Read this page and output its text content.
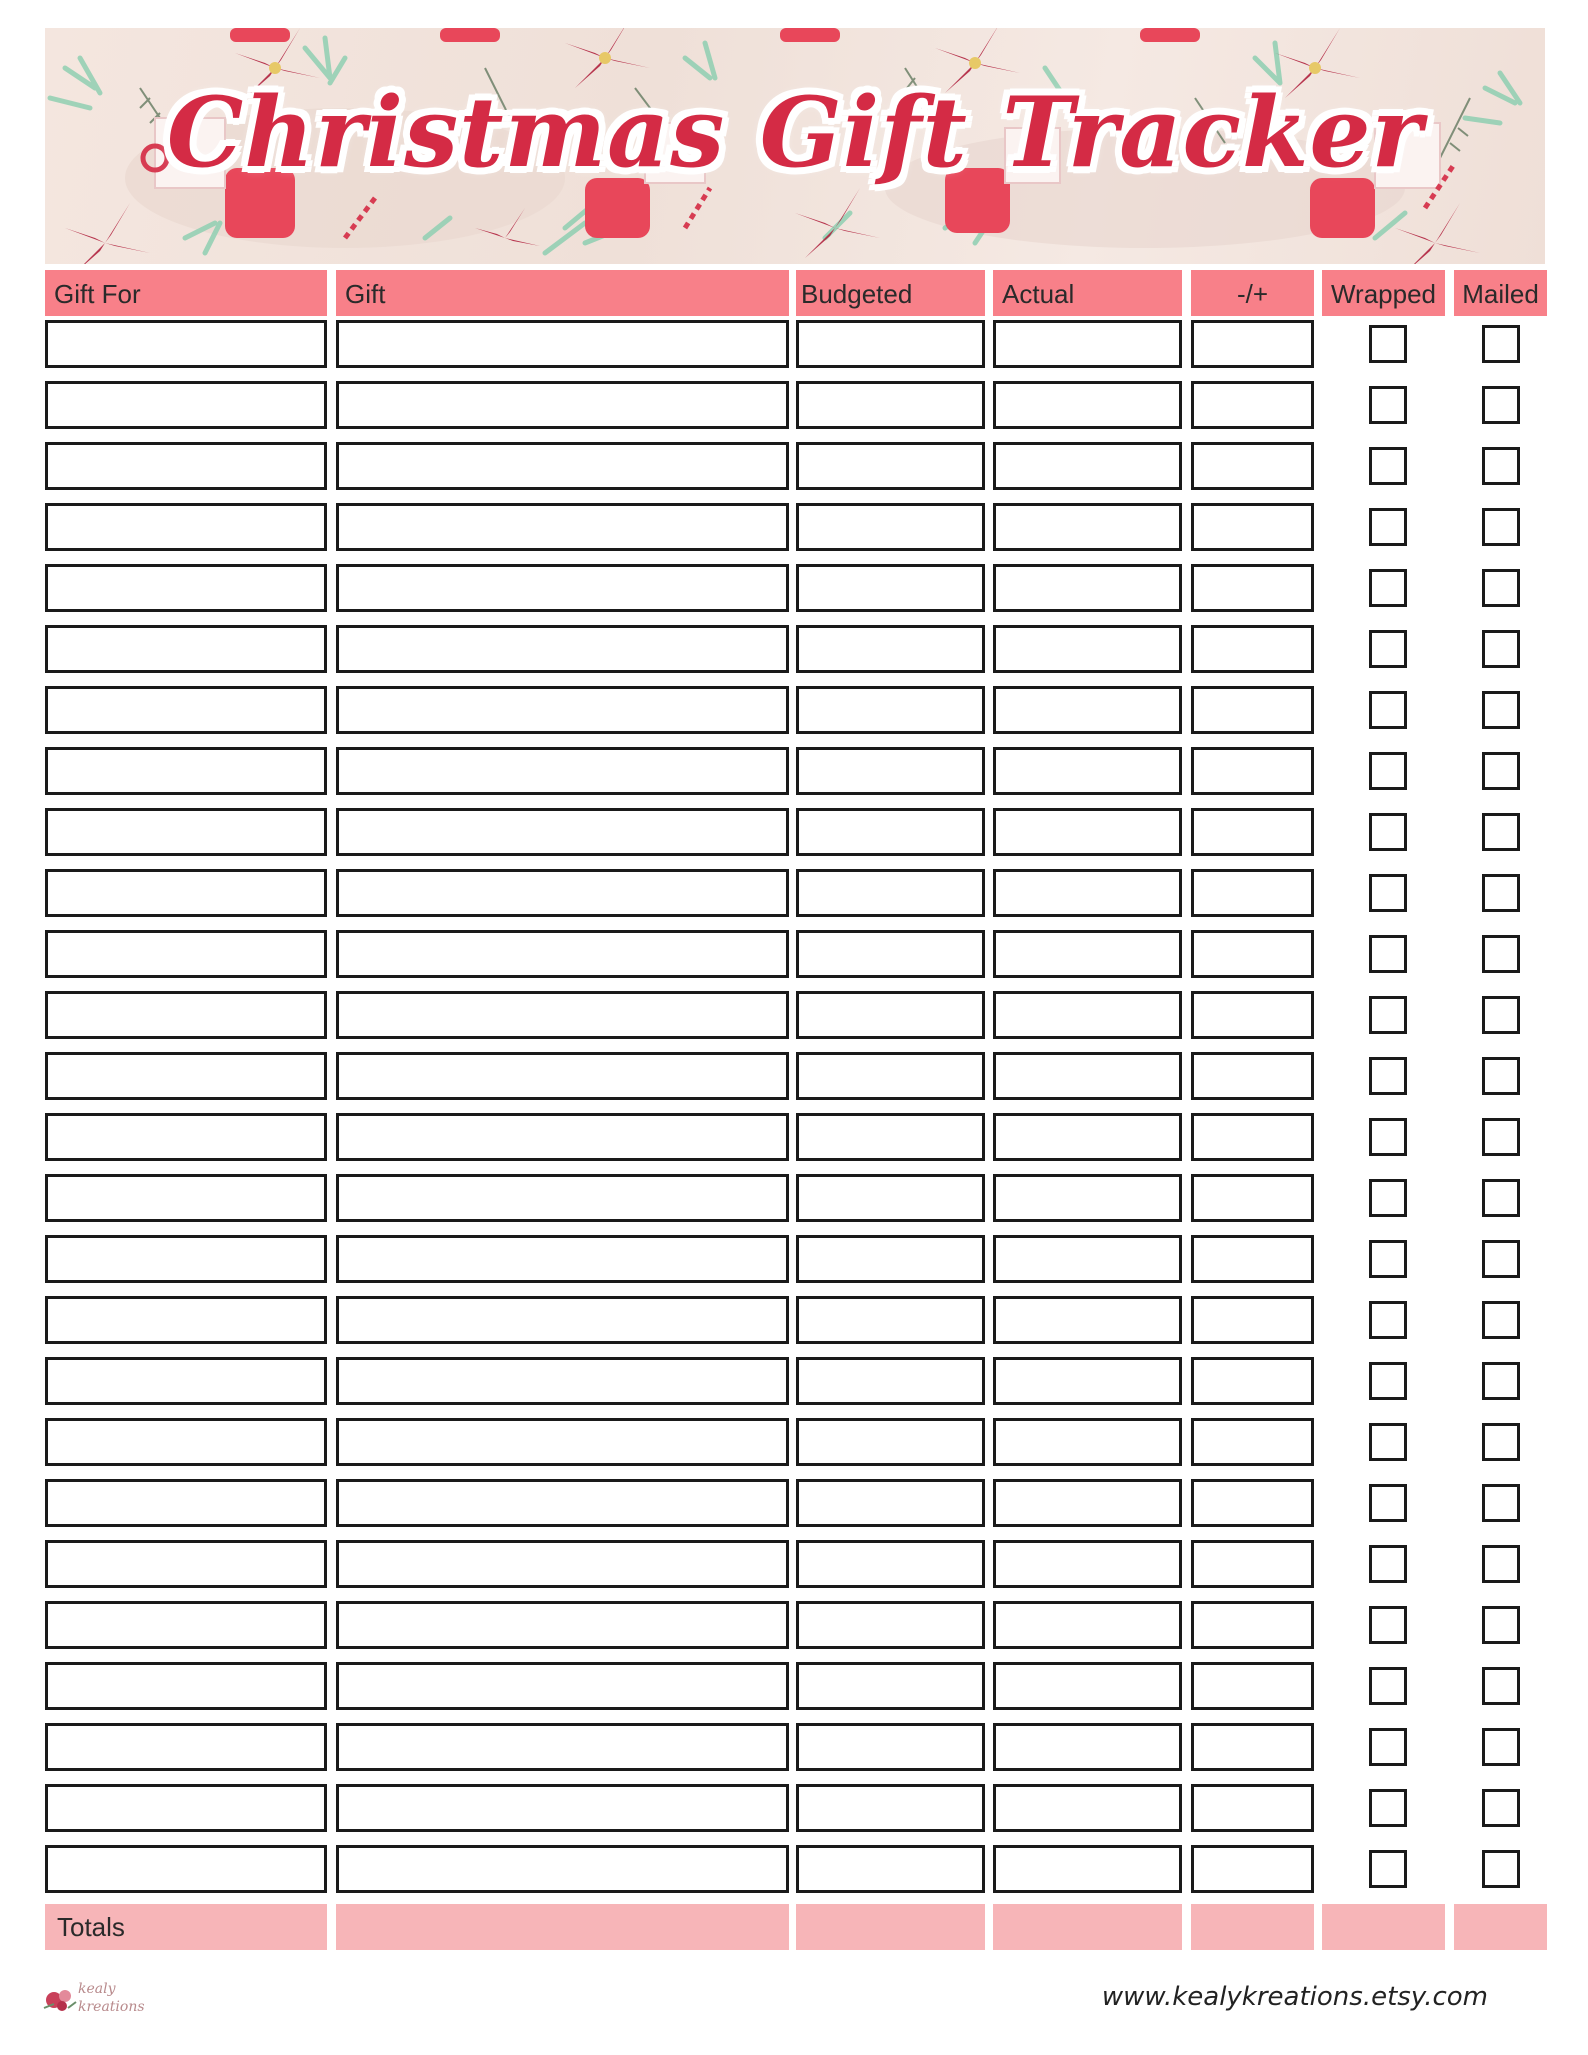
Christmas Gift Tracker
Gift For	Gift	Budgeted	Actual	-/+	Wrapped	Mailed
Totals
kealy
kreations	www.kealykreations.etsy.com
